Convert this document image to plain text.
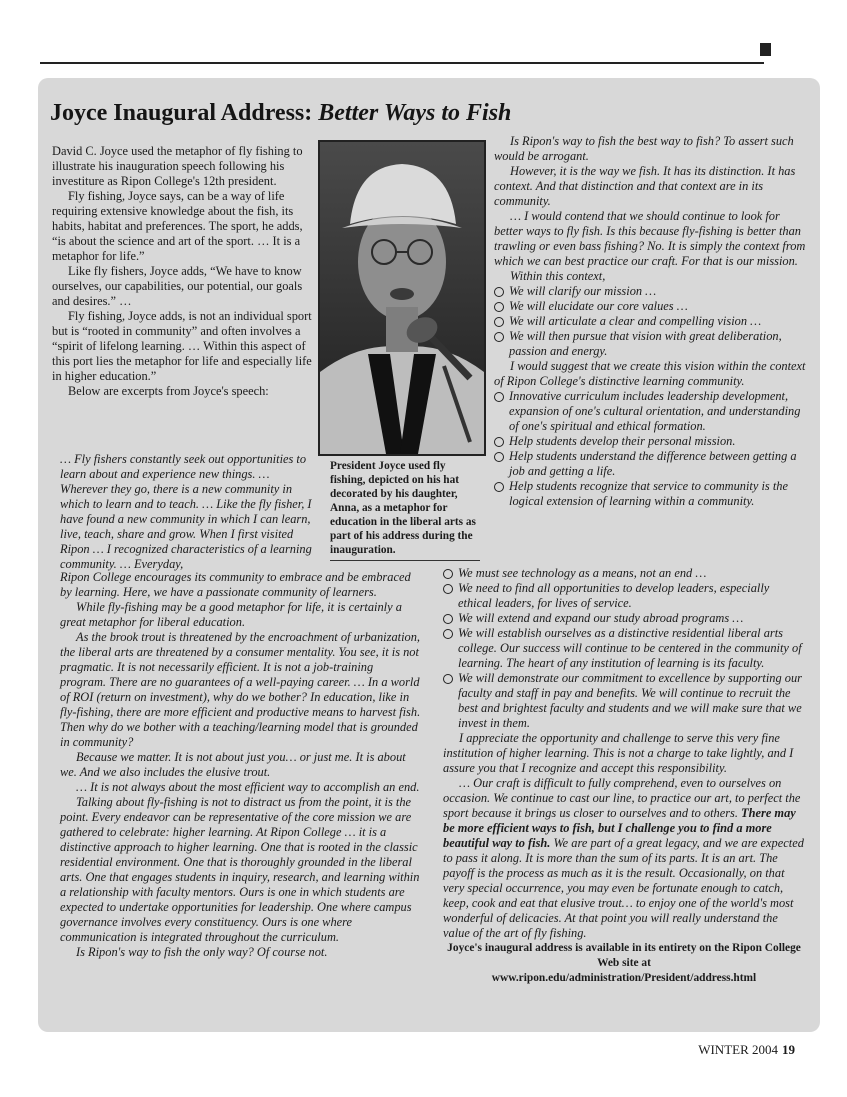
Joyce Inaugural Address: Better Ways to Fish

David C. Joyce used the metaphor of fly fishing to illustrate his inauguration speech following his investiture as Ripon College's 12th president.

Fly fishing, Joyce says, can be a way of life requiring extensive knowledge about the fish, its habits, habitat and preferences. The sport, he adds, “is about the science and art of the sport. … It is a metaphor for life.”

Like fly fishers, Joyce adds, “We have to know ourselves, our capabilities, our potential, our goals and desires.” …

Fly fishing, Joyce adds, is not an individual sport but is “rooted in community” and often involves a “spirit of lifelong learning. … Within this aspect of this port lies the metaphor for life and especially life in higher education.”

Below are excerpts from Joyce's speech:

… Fly fishers constantly seek out opportunities to learn about and experience new things. … Wherever they go, there is a new community in which to learn and to teach. … Like the fly fisher, I have found a new community in which I can learn, live, teach, share and grow. When I first visited Ripon … I recognized characteristics of a learning community. … Everyday,

Ripon College encourages its community to embrace and be embraced by learning. Here, we have a passionate community of learners.

While fly-fishing may be a good metaphor for life, it is certainly a great metaphor for liberal education.

As the brook trout is threatened by the encroachment of urbanization, the liberal arts are threatened by a consumer mentality. You see, it is not pragmatic. It is not necessarily efficient. It is not a job-training program. There are no guarantees of a well-paying career. … In a world of ROI (return on investment), why do we bother? In education, like in fly-fishing, there are more efficient and productive means to harvest fish. Then why do we bother with a teaching/learning model that is grounded in community?

Because we matter. It is not about just you… or just me. It is about we. And we also includes the elusive trout.

… It is not always about the most efficient way to accomplish an end.

Talking about fly-fishing is not to distract us from the point, it is the point. Every endeavor can be representative of the core mission we are gathered to celebrate: higher learning. At Ripon College … it is a distinctive approach to higher learning. One that is rooted in the classic residential environment. One that is thoroughly grounded in the liberal arts. One that engages students in inquiry, research, and learning within a relationship with faculty mentors. Ours is one in which students are expected to undertake opportunities for leadership. One where campus governance involves every constituency. Ours is one where communication is integrated throughout the curriculum.

Is Ripon's way to fish the only way? Of course not.

President Joyce used fly fishing, depicted on his hat decorated by his daughter, Anna, as a metaphor for education in the liberal arts as part of his address during the inauguration.

Is Ripon's way to fish the best way to fish? To assert such would be arrogant.

However, it is the way we fish. It has its distinction. It has context. And that distinction and that context are in its community.

… I would contend that we should continue to look for better ways to fly fish. Is this because fly-fishing is better than trawling or even bass fishing? No. It is simply the context from which we can best practice our craft. For that is our mission.

Within this context,

We will clarify our mission …
We will elucidate our core values …
We will articulate a clear and compelling vision …
We will then pursue that vision with great deliberation, passion and energy.

I would suggest that we create this vision within the context of Ripon College's distinctive learning community.

Innovative curriculum includes leadership development, expansion of one's cultural orientation, and understanding of one's spiritual and ethical formation.
Help students develop their personal mission.
Help students understand the difference between getting a job and getting a life.
Help students recognize that service to community is the logical extension of learning within a community.
We must see technology as a means, not an end …
We need to find all opportunities to develop leaders, especially ethical leaders, for lives of service.
We will extend and expand our study abroad programs …
We will establish ourselves as a distinctive residential liberal arts college. Our success will continue to be centered in the community of learning. The heart of any institution of learning is its faculty.
We will demonstrate our commitment to excellence by supporting our faculty and staff in pay and benefits. We will continue to recruit the best and brightest faculty and students and we will make sure that we invest in them.

I appreciate the opportunity and challenge to serve this very fine institution of higher learning. This is not a charge to take lightly, and I assure you that I recognize and accept this responsibility.

… Our craft is difficult to fully comprehend, even to ourselves on occasion. We continue to cast our line, to practice our art, to perfect the sport because it brings us closer to ourselves and to others. There may be more efficient ways to fish, but I challenge you to find a more beautiful way to fish. We are part of a great legacy, and we are expected to pass it along. It is more than the sum of its parts. It is an art. The payoff is the process as much as it is the result. Occasionally, on that very special occurrence, you may even be fortunate enough to catch, keep, cook and eat that elusive trout… to enjoy one of the world's most wonderful of delicacies. At that point you will really understand the value of the art of fly fishing.

Joyce's inaugural address is available in its entirety on the Ripon College Web site at
www.ripon.edu/administration/President/address.html

WINTER 2004 19
